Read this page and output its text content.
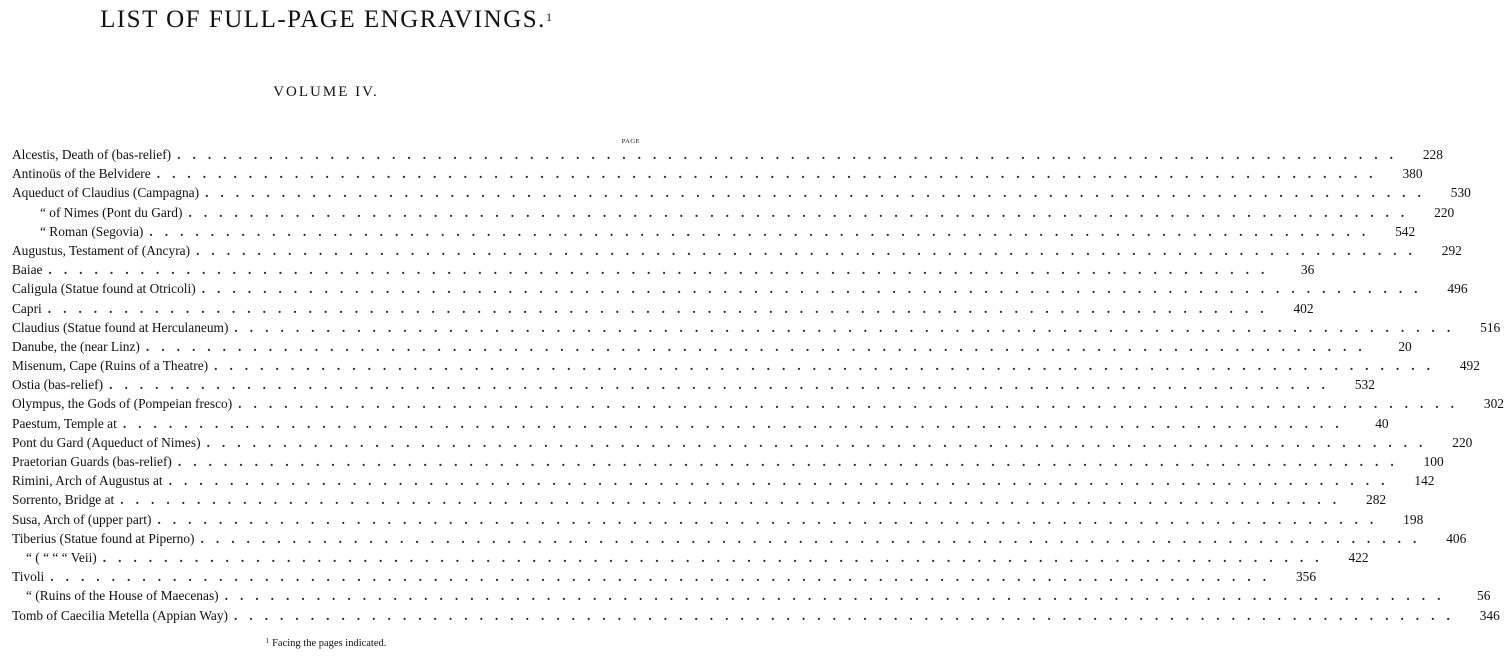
LIST OF FULL-PAGE ENGRAVINGS.$^1$
VOLUME IV.
PAGE
Alcestis, Death of (bas-relief) ................................................................................	228
Antinoüs of the Belvidere ................................................................................	380
Aqueduct of Claudius (Campagna) ................................................................................	530
“ of Nimes (Pont du Gard) ................................................................................	220
“ Roman (Segovia) ................................................................................	542
Augustus, Testament of (Ancyra) ................................................................................	292
Baiae ................................................................................	36
Caligula (Statue found at Otricoli) ................................................................................	496
Capri ................................................................................	402
Claudius (Statue found at Herculaneum) ................................................................................	516
Danube, the (near Linz) ................................................................................	20
Misenum, Cape (Ruins of a Theatre) ................................................................................	492
Ostia (bas-relief) ................................................................................	532
Olympus, the Gods of (Pompeian fresco) ................................................................................	302
Paestum, Temple at ................................................................................	40
Pont du Gard (Aqueduct of Nimes) ................................................................................	220
Praetorian Guards (bas-relief) ................................................................................	100
Rimini, Arch of Augustus at ................................................................................	142
Sorrento, Bridge at ................................................................................	282
Susa, Arch of (upper part) ................................................................................	198
Tiberius (Statue found at Piperno) ................................................................................	406
“ ( “ “ “ Veii) ................................................................................	422
Tivoli ................................................................................	356
“ (Ruins of the House of Maecenas) ................................................................................	56
Tomb of Caecilia Metella (Appian Way) ................................................................................	346
$^1$ Facing the pages indicated.
